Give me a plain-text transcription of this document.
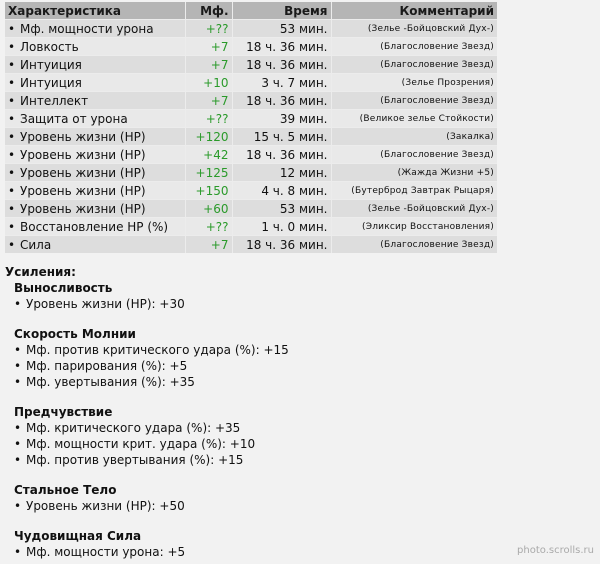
Характеристика	Мф.	Время	Комментарий
• Мф. мощности урона	+??	53 мин.	(Зелье -Бойцовский Дух-)
• Ловкость	+7	18 ч. 36 мин.	(Благословение Звезд)
• Интуиция	+7	18 ч. 36 мин.	(Благословение Звезд)
• Интуиция	+10	3 ч. 7 мин.	(Зелье Прозрения)
• Интеллект	+7	18 ч. 36 мин.	(Благословение Звезд)
• Защита от урона	+??	39 мин.	(Великое зелье Стойкости)
• Уровень жизни (HP)	+120	15 ч. 5 мин.	(Закалка)
• Уровень жизни (HP)	+42	18 ч. 36 мин.	(Благословение Звезд)
• Уровень жизни (HP)	+125	12 мин.	(Жажда Жизни +5)
• Уровень жизни (HP)	+150	4 ч. 8 мин.	(Бутерброд Завтрак Рыцаря)
• Уровень жизни (HP)	+60	53 мин.	(Зелье -Бойцовский Дух-)
• Восстановление HP (%)	+??	1 ч. 0 мин.	(Эликсир Восстановления)
• Сила	+7	18 ч. 36 мин.	(Благословение Звезд)
Усиления:
Выносливость
• Уровень жизни (HP): +30
Скорость Молнии
• Мф. против критического удара (%): +15
• Мф. парирования (%): +5
• Мф. увертывания (%): +35
Предчувствие
• Мф. критического удара (%): +35
• Мф. мощности крит. удара (%): +10
• Мф. против увертывания (%): +15
Стальное Тело
• Уровень жизни (HP): +50
Чудовищная Сила
• Мф. мощности урона: +5	photo.scrolls.ru
